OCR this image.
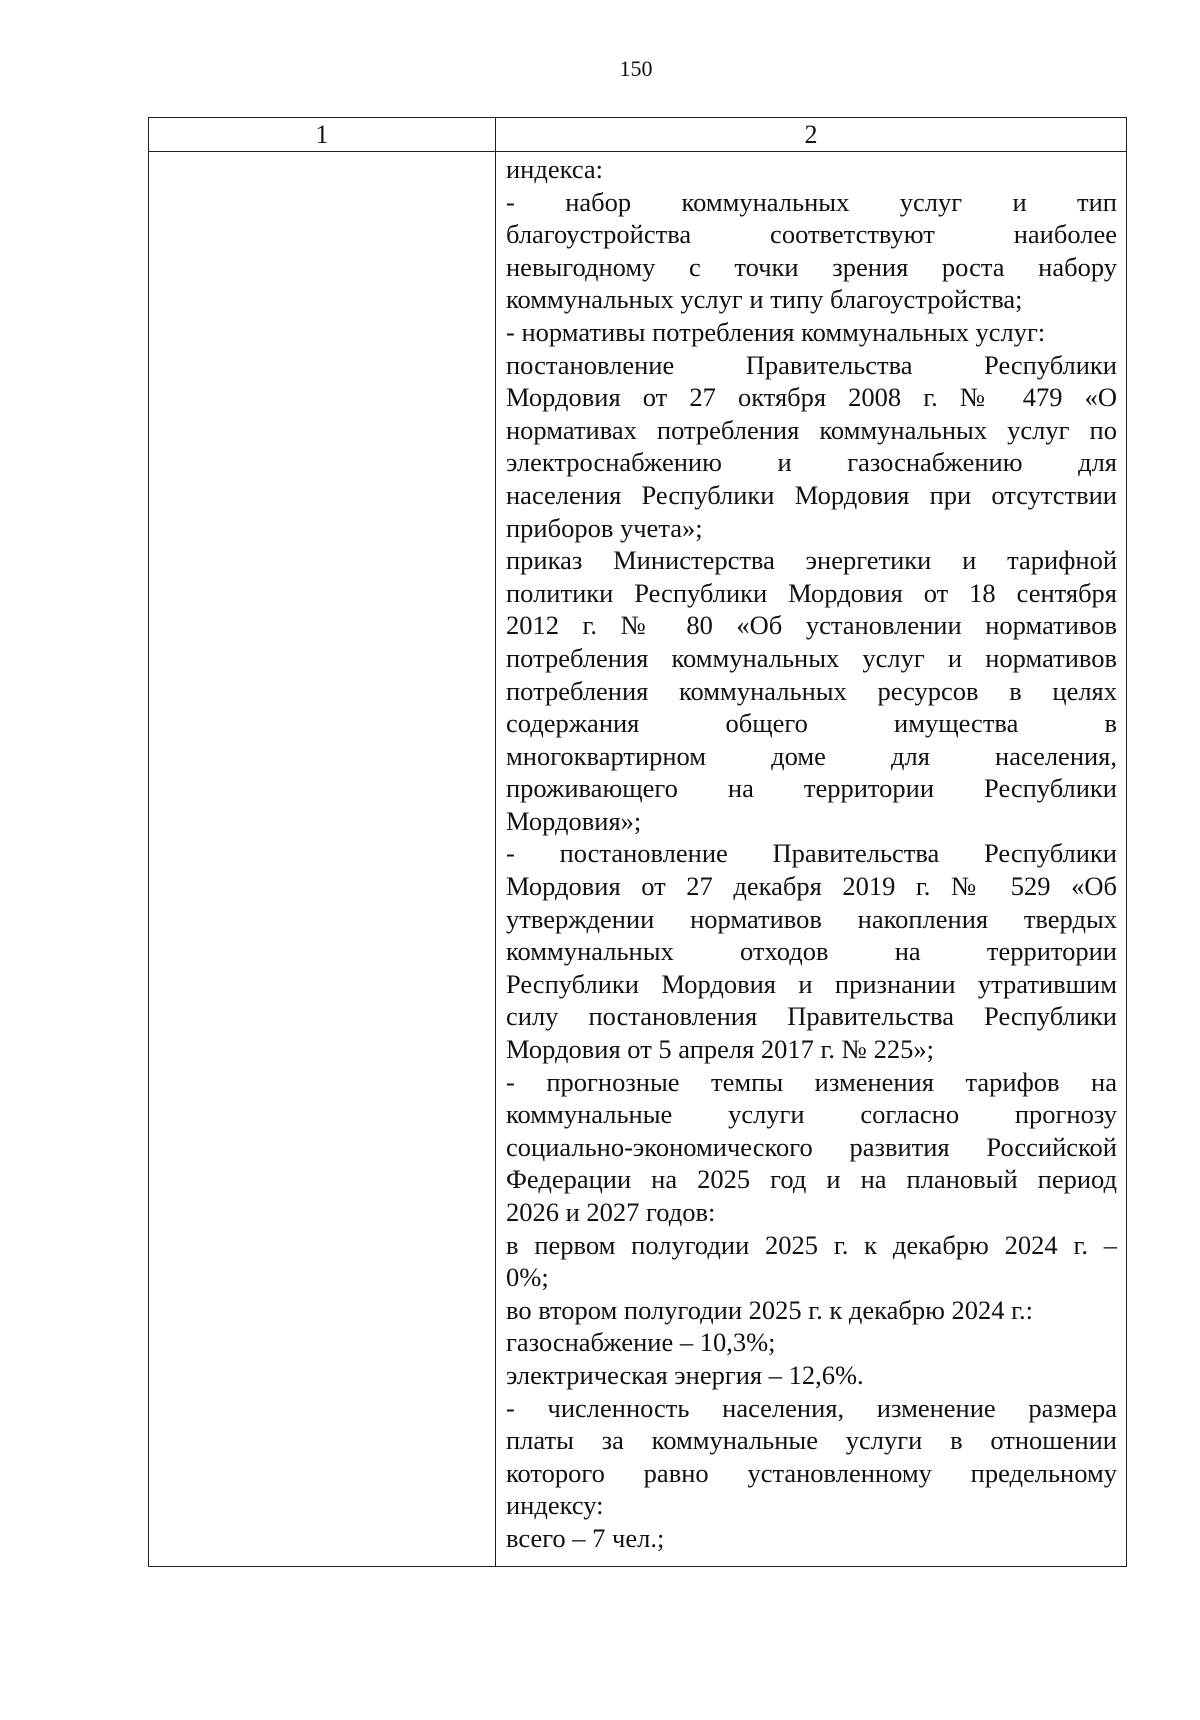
150
1	2
индекса:
- набор коммунальных услуг и тип
благоустройства соответствуют наиболее
невыгодному с точки зрения роста набору
коммунальных услуг и типу благоустройства;
- нормативы потребления коммунальных услуг:
постановление Правительства Республики
Мордовия от 27 октября 2008 г. № 479 «О
нормативах потребления коммунальных услуг по
электроснабжению и газоснабжению для
населения Республики Мордовия при отсутствии
приборов учета»;
приказ Министерства энергетики и тарифной
политики Республики Мордовия от 18 сентября
2012 г. № 80 «Об установлении нормативов
потребления коммунальных услуг и нормативов
потребления коммунальных ресурсов в целях
содержания общего имущества в
многоквартирном доме для населения,
проживающего на территории Республики
Мордовия»;
- постановление Правительства Республики
Мордовия от 27 декабря 2019 г. № 529 «Об
утверждении нормативов накопления твердых
коммунальных отходов на территории
Республики Мордовия и признании утратившим
силу постановления Правительства Республики
Мордовия от 5 апреля 2017 г. № 225»;
- прогнозные темпы изменения тарифов на
коммунальные услуги согласно прогнозу
социально-экономического развития Российской
Федерации на 2025 год и на плановый период
2026 и 2027 годов:
в первом полугодии 2025 г. к декабрю 2024 г. –
0%;
во втором полугодии 2025 г. к декабрю 2024 г.:
газоснабжение – 10,3%;
электрическая энергия – 12,6%.
- численность населения, изменение размера
платы за коммунальные услуги в отношении
которого равно установленному предельному
индексу:
всего – 7 чел.;
